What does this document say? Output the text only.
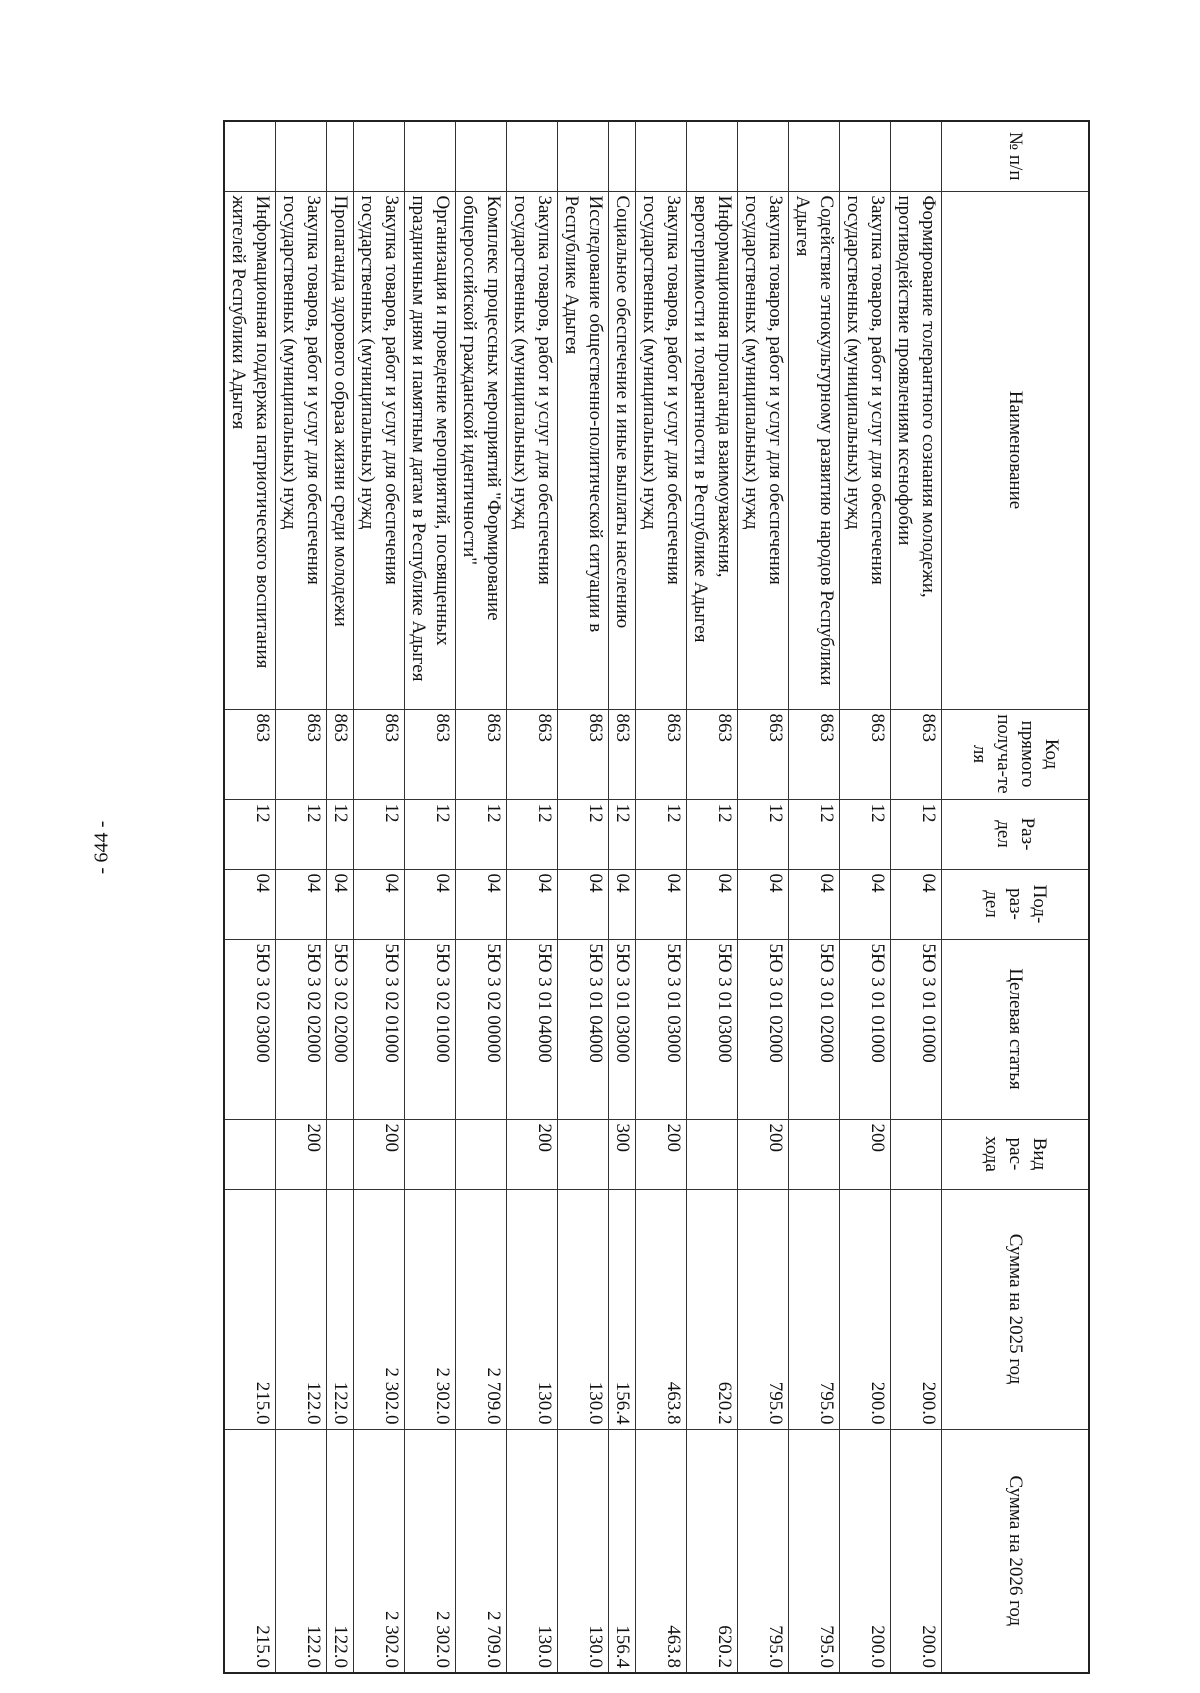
- 644 -
№ п/п	Наименование	Код прямого получа-те ля	Раз- дел	Под- раз- дел	Целевая статья	Вид рас- хода	Сумма на 2025 год	Сумма на 2026 год
	Формирование толерантного сознания молодежи, противодействие проявлениям ксенофобии	863	12	04	5Ю 3 01 01000		200.0	200.0
	Закупка товаров, работ и услуг для обеспечения государственных (муниципальных) нужд	863	12	04	5Ю 3 01 01000	200	200.0	200.0
	Содействие этнокультурному развитию народов Республики Адыгея	863	12	04	5Ю 3 01 02000		795.0	795.0
	Закупка товаров, работ и услуг для обеспечения государственных (муниципальных) нужд	863	12	04	5Ю 3 01 02000	200	795.0	795.0
	Информационная пропаганда взаимоуважения, веротерпимости и толерантности в Республике Адыгея	863	12	04	5Ю 3 01 03000		620.2	620.2
	Закупка товаров, работ и услуг для обеспечения государственных (муниципальных) нужд	863	12	04	5Ю 3 01 03000	200	463.8	463.8
	Социальное обеспечение и иные выплаты населению	863	12	04	5Ю 3 01 03000	300	156.4	156.4
	Исследование общественно-политической ситуации в Республике Адыгея	863	12	04	5Ю 3 01 04000		130.0	130.0
	Закупка товаров, работ и услуг для обеспечения государственных (муниципальных) нужд	863	12	04	5Ю 3 01 04000	200	130.0	130.0
	Комплекс процессных мероприятий "Формирование общероссийской гражданской идентичности"	863	12	04	5Ю 3 02 00000		2 709.0	2 709.0
	Организация и проведение мероприятий, посвященных праздничным дням и памятным датам в Республике Адыгея	863	12	04	5Ю 3 02 01000		2 302.0	2 302.0
	Закупка товаров, работ и услуг для обеспечения государственных (муниципальных) нужд	863	12	04	5Ю 3 02 01000	200	2 302.0	2 302.0
	Пропаганда здорового образа жизни среди молодежи	863	12	04	5Ю 3 02 02000		122.0	122.0
	Закупка товаров, работ и услуг для обеспечения государственных (муниципальных) нужд	863	12	04	5Ю 3 02 02000	200	122.0	122.0
	Информационная поддержка патриотического воспитания жителей Республики Адыгея	863	12	04	5Ю 3 02 03000		215.0	215.0
